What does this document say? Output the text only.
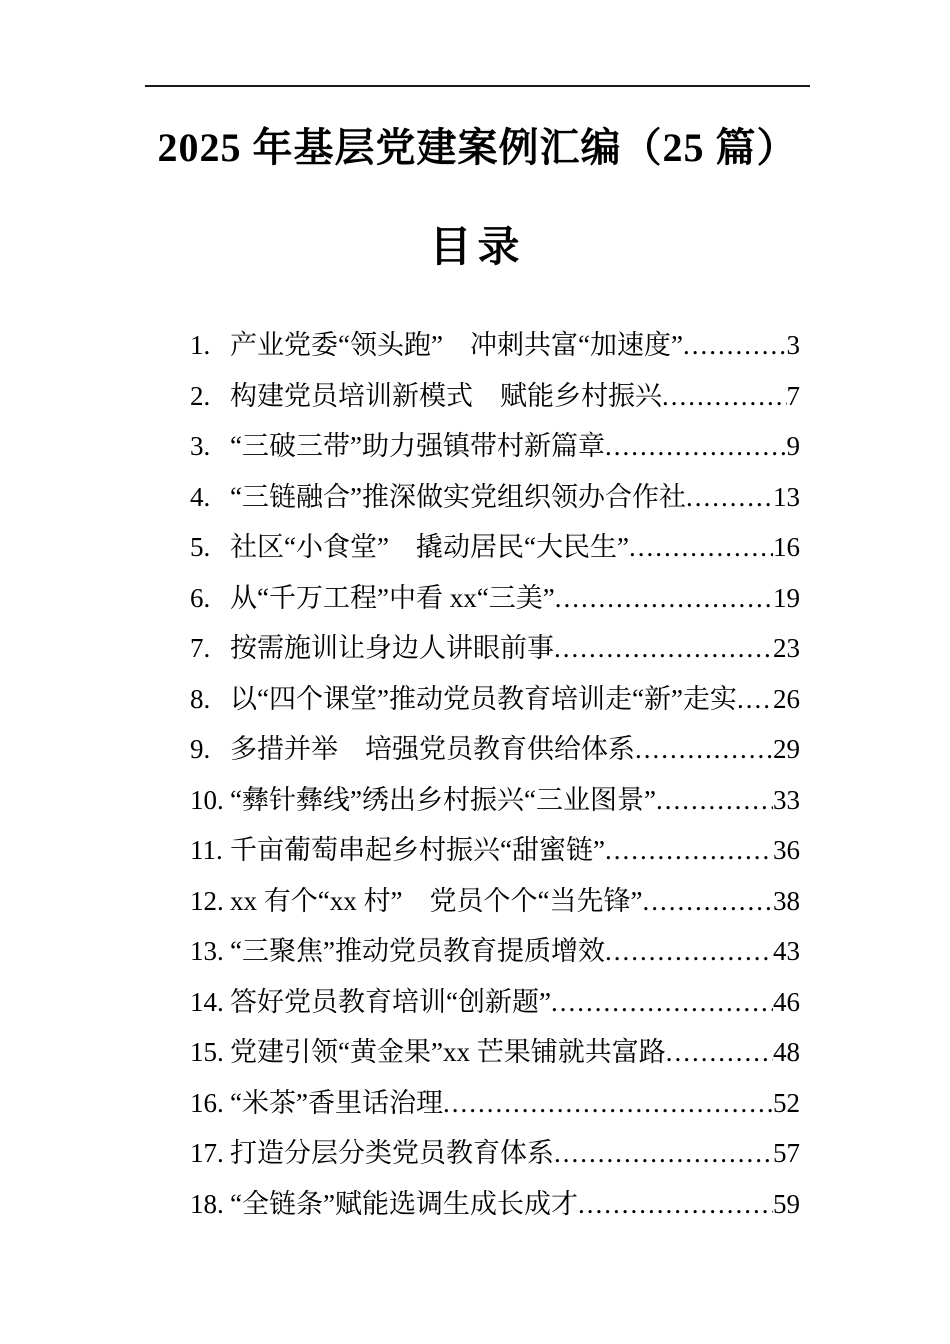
2025 年基层党建案例汇编（25 篇）
目录
1. 产业党委“领头跑”　冲刺共富“加速度” .....	3
2. 构建党员培训新模式　赋能乡村振兴 .....	7
3. “三破三带”助力强镇带村新篇章 .....	9
4. “三链融合”推深做实党组织领办合作社 .....	13
5. 社区“小食堂”　撬动居民“大民生” .....	16
6. 从“千万工程”中看 xx“三美” .....	19
7. 按需施训让身边人讲眼前事 .....	23
8. 以“四个课堂”推动党员教育培训走“新”走实 ..... 26
9. 多措并举　培强党员教育供给体系 .....	29
10. “彝针彝线”绣出乡村振兴“三业图景” .....	33
11. 千亩葡萄串起乡村振兴“甜蜜链” .....	36
12. xx 有个“xx 村”　党员个个“当先锋” .....	38
13. “三聚焦”推动党员教育提质增效 .....	43
14. 答好党员教育培训“创新题” .....	46
15. 党建引领“黄金果”xx 芒果铺就共富路 .....	48
16. “米茶”香里话治理 .....	52
17. 打造分层分类党员教育体系 .....	57
18. “全链条”赋能选调生成长成才 .....	59
